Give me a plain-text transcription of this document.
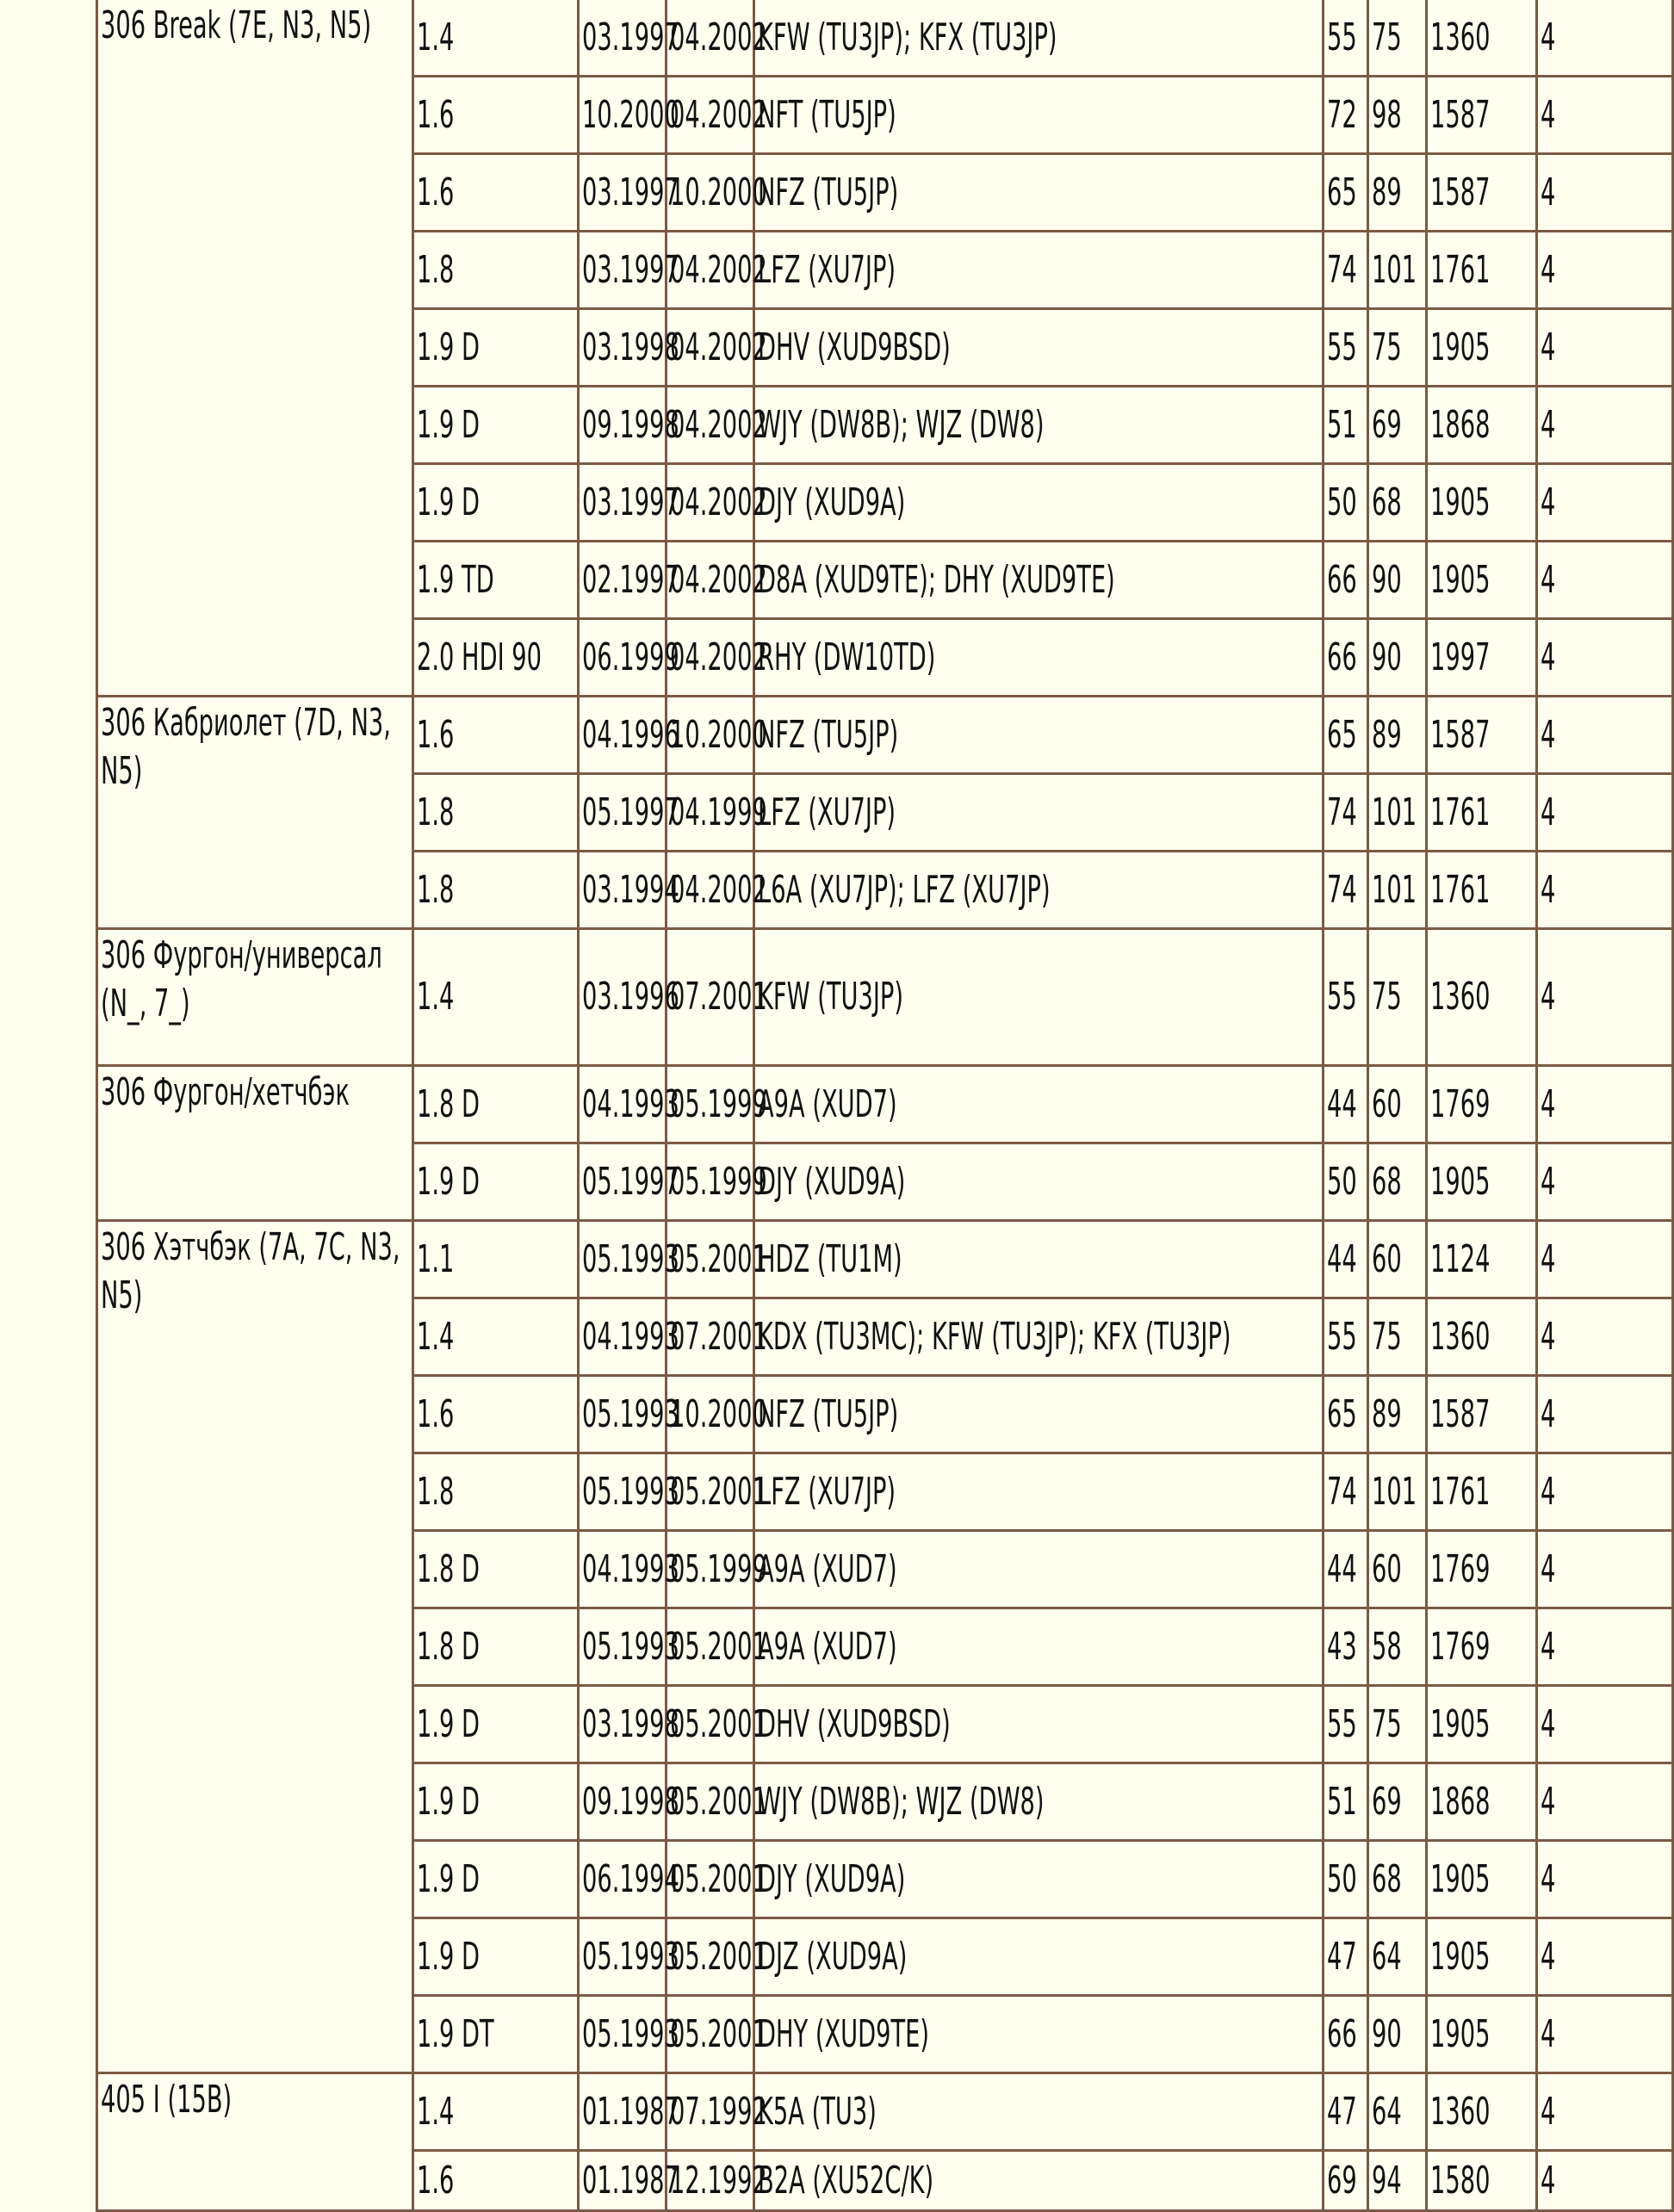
306 Break (7E, N3, N5)	1.4	03.1997	04.2002	KFW (TU3JP); KFX (TU3JP)	55	75	1360	4
	1.6	10.2000	04.2002	NFT (TU5JP)	72	98	1587	4
	1.6	03.1997	10.2000	NFZ (TU5JP)	65	89	1587	4
	1.8	03.1997	04.2002	LFZ (XU7JP)	74	101	1761	4
	1.9 D	03.1998	04.2002	DHV (XUD9BSD)	55	75	1905	4
	1.9 D	09.1998	04.2002	WJY (DW8B); WJZ (DW8)	51	69	1868	4
	1.9 D	03.1997	04.2002	DJY (XUD9A)	50	68	1905	4
	1.9 TD	02.1997	04.2002	D8A (XUD9TE); DHY (XUD9TE)	66	90	1905	4
	2.0 HDI 90	06.1999	04.2002	RHY (DW10TD)	66	90	1997	4

306 Кабриолет (7D, N3, N5)	1.6	04.1996	10.2000	NFZ (TU5JP)	65	89	1587	4
	1.8	05.1997	04.1999	LFZ (XU7JP)	74	101	1761	4
	1.8	03.1994	04.2002	L6A (XU7JP); LFZ (XU7JP)	74	101	1761	4

306 Фургон/универсал (N_, 7_)	1.4	03.1996	07.2001	KFW (TU3JP)	55	75	1360	4

306 Фургон/хетчбэк	1.8 D	04.1993	05.1999	A9A (XUD7)	44	60	1769	4
	1.9 D	05.1997	05.1999	DJY (XUD9A)	50	68	1905	4

306 Хэтчбэк (7A, 7C, N3, N5)	1.1	05.1993	05.2001	HDZ (TU1M)	44	60	1124	4
	1.4	04.1993	07.2001	KDX (TU3MC); KFW (TU3JP); KFX (TU3JP)	55	75	1360	4
	1.6	05.1993	10.2000	NFZ (TU5JP)	65	89	1587	4
	1.8	05.1993	05.2001	LFZ (XU7JP)	74	101	1761	4
	1.8 D	04.1993	05.1999	A9A (XUD7)	44	60	1769	4
	1.8 D	05.1993	05.2001	A9A (XUD7)	43	58	1769	4
	1.9 D	03.1998	05.2001	DHV (XUD9BSD)	55	75	1905	4
	1.9 D	09.1998	05.2001	WJY (DW8B); WJZ (DW8)	51	69	1868	4
	1.9 D	06.1994	05.2001	DJY (XUD9A)	50	68	1905	4
	1.9 D	05.1993	05.2001	DJZ (XUD9A)	47	64	1905	4
	1.9 DT	05.1993	05.2001	DHY (XUD9TE)	66	90	1905	4

405 I (15B)	1.4	01.1987	07.1992	K5A (TU3)	47	64	1360	4
	1.6	01.1987	12.1992	B2A (XU52C/K)	69	94	1580	4
